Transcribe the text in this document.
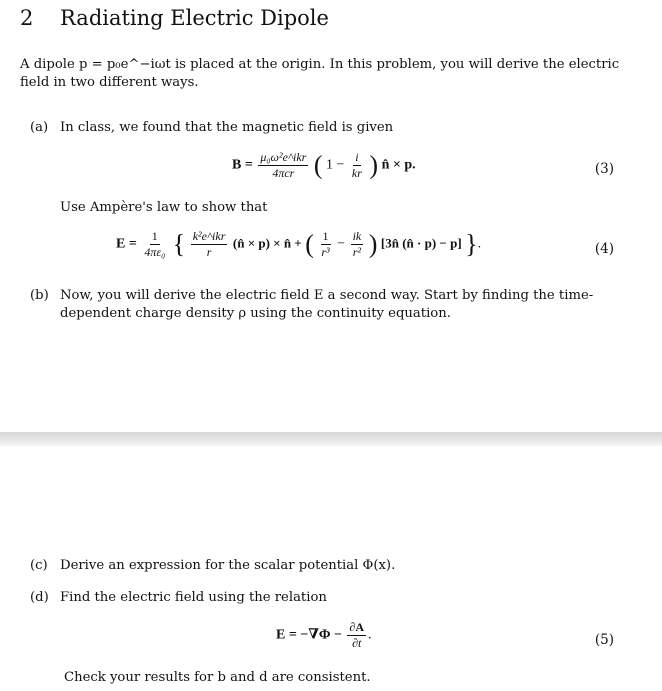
2 Radiating Electric Dipole
A dipole p = p₀e^−iωt is placed at the origin. In this problem, you will derive the electric
field in two different ways.
(a) In class, we found that the magnetic field is given
$B = \frac{\text{μ₀ω²e\textasciicircum{}ikr}}{\text{4πcr}}$ ( $1 - \frac{i}{kr}$ ) n̂ × p.	(3)
Use Ampère's law to show that
$E = \frac{1}{\text{4πε₀}}$ { $\frac{\text{k²e\textasciicircum{}ikr}}{r}$ (n̂ × p) × n̂ + ( $\frac{1}{\text{r³}} - \frac{ik}{\text{r²}}$ ) [3n̂ (n̂ · p) − p] }.	(4)
(b) Now, you will derive the electric field E a second way. Start by finding the time-
dependent charge density ρ using the continuity equation.
(c) Derive an expression for the scalar potential Φ(x).
(d) Find the electric field using the relation
$E = -\nabla\Phi - \frac{\partial A}{\partial t}$ .	(5)
Check your results for b and d are consistent.
